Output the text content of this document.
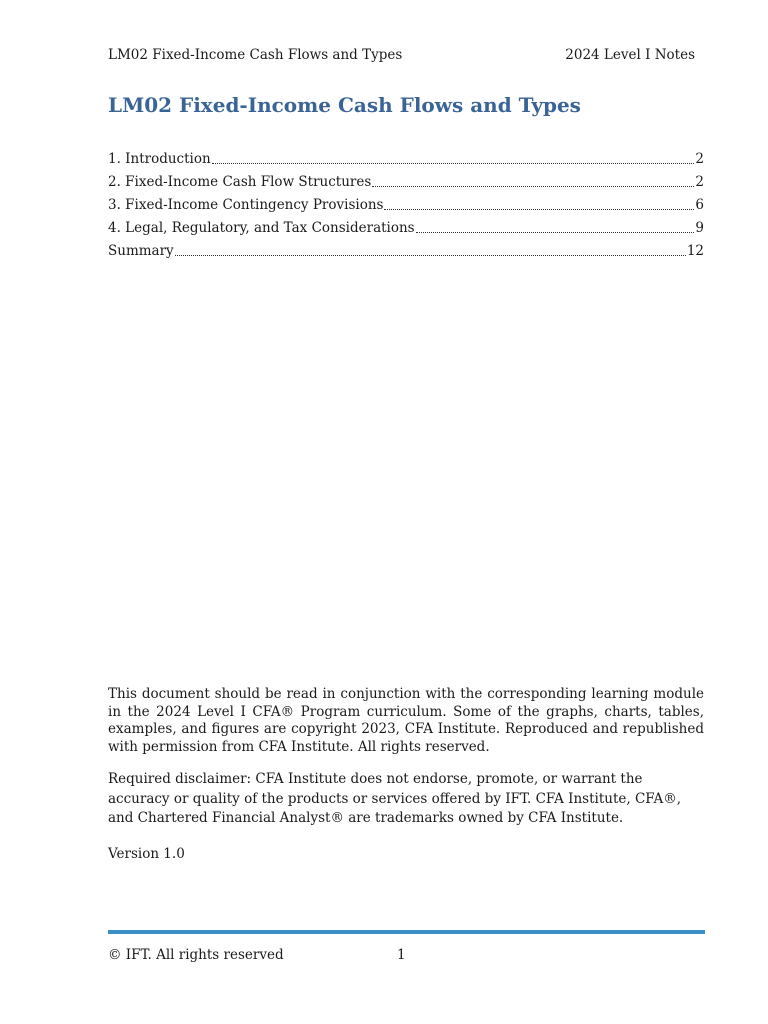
LM02 Fixed-Income Cash Flows and Types	2024 Level I Notes
LM02 Fixed-Income Cash Flows and Types
1. Introduction	2
2. Fixed-Income Cash Flow Structures	2
3. Fixed-Income Contingency Provisions	6
4. Legal, Regulatory, and Tax Considerations	9
Summary	12

This document should be read in conjunction with the corresponding learning module in the 2024 Level I CFA® Program curriculum. Some of the graphs, charts, tables, examples, and figures are copyright 2023, CFA Institute. Reproduced and republished with permission from CFA Institute. All rights reserved.

Required disclaimer: CFA Institute does not endorse, promote, or warrant the accuracy or quality of the products or services offered by IFT. CFA Institute, CFA®, and Chartered Financial Analyst® are trademarks owned by CFA Institute.
Version 1.0
© IFT. All rights reserved	1
